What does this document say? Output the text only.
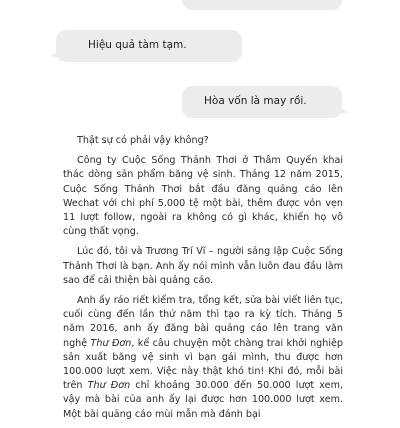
Hiệu quả tàm tạm.
Hòa vốn là may rồi.

Thật sự có phải vậy không?

Công ty Cuộc Sống Thảnh Thơi ở Thâm Quyến khai thác dòng sản phẩm băng vệ sinh. Tháng 12 năm 2015, Cuộc Sống Thảnh Thơi bắt đầu đăng quảng cáo lên Wechat với chi phí 5.000 tệ một bài, thêm được vỏn vẹn 11 lượt follow, ngoài ra không có gì khác, khiến họ vô cùng thất vọng.

Lúc đó, tôi và Trương Trí Vĩ – người sáng lập Cuộc Sống Thảnh Thơi là bạn. Anh ấy nói mình vẫn luôn đau đầu làm sao để cải thiện bài quảng cáo.

Anh ấy ráo riết kiểm tra, tổng kết, sửa bài viết liên tục, cuối cùng đến lần thứ năm thì tạo ra kỳ tích. Tháng 5 năm 2016, anh ấy đăng bài quảng cáo lên trang văn nghệ Thư Đơn, kể câu chuyện một chàng trai khởi nghiệp sản xuất băng vệ sinh vì bạn gái mình, thu được hơn 100.000 lượt xem. Việc này thật khó tin! Khi đó, mỗi bài trên Thư Đơn chỉ khoảng 30.000 đến 50.000 lượt xem, vậy mà bài của anh ấy lại được hơn 100.000 lượt xem. Một bài quảng cáo mùi mẫn mà đánh bại
